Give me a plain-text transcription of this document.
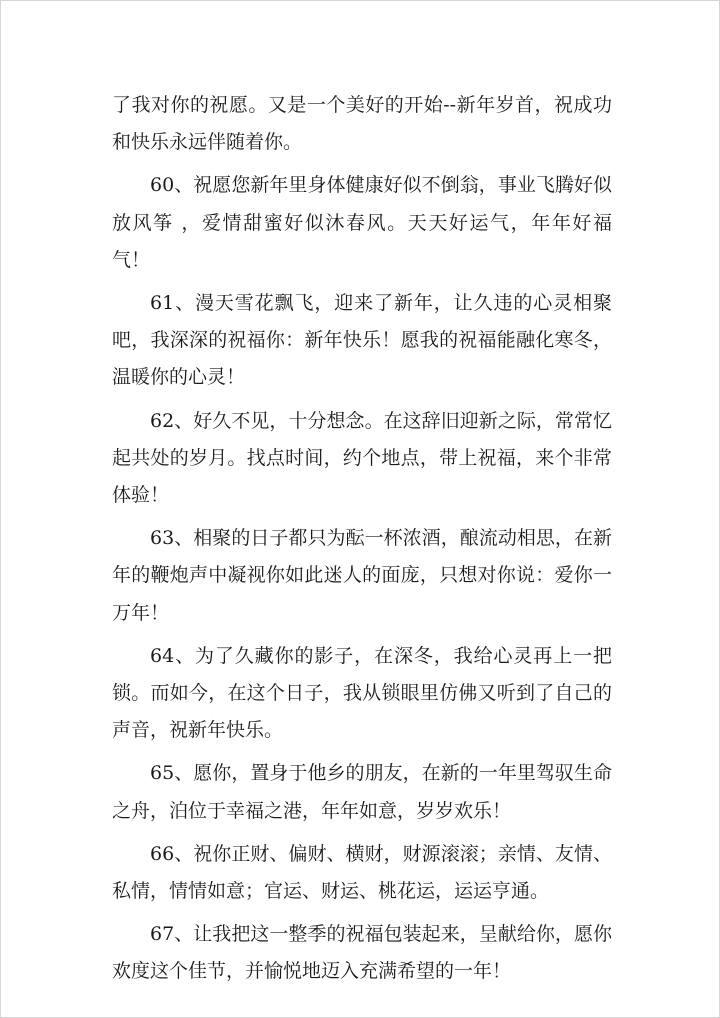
了我对你的祝愿。又是一个美好的开始--新年岁首，祝成功和快乐永远伴随着你。

60、祝愿您新年里身体健康好似不倒翁，事业飞腾好似放风筝 ，爱情甜蜜好似沐春风。天天好运气，年年好福气！

61、漫天雪花飘飞，迎来了新年，让久违的心灵相聚吧，我深深的祝福你：新年快乐！愿我的祝福能融化寒冬，温暖你的心灵！

62、好久不见，十分想念。在这辞旧迎新之际，常常忆起共处的岁月。找点时间，约个地点，带上祝福，来个非常体验！

63、相聚的日子都只为酝一杯浓酒，酿流动相思，在新年的鞭炮声中凝视你如此迷人的面庞，只想对你说：爱你一万年！

64、为了久藏你的影子，在深冬，我给心灵再上一把锁。而如今，在这个日子，我从锁眼里仿佛又听到了自己的声音，祝新年快乐。

65、愿你，置身于他乡的朋友，在新的一年里驾驭生命之舟，泊位于幸福之港，年年如意，岁岁欢乐！

66、祝你正财、偏财、横财，财源滚滚；亲情、友情、私情，情情如意；官运、财运、桃花运，运运亨通。

67、让我把这一整季的祝福包装起来，呈献给你，愿你欢度这个佳节，并愉悦地迈入充满希望的一年！
